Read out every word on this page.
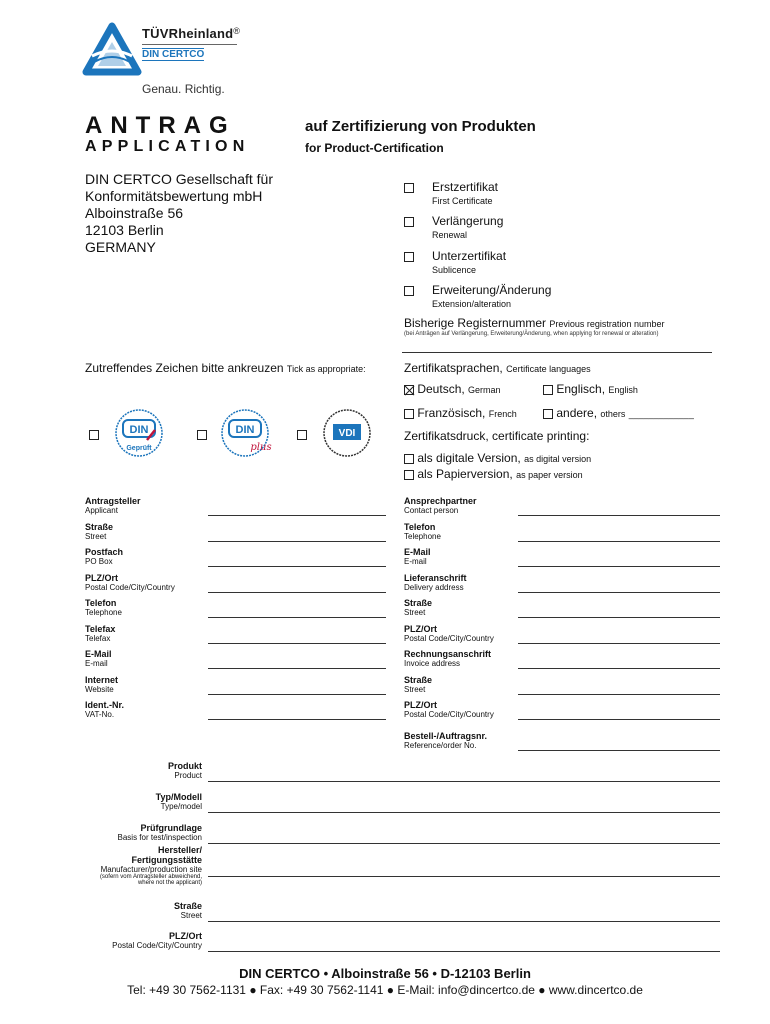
TÜVRheinland®
DIN CERTCO
Genau. Richtig.
ANTRAG
APPLICATION
auf Zertifizierung von Produkten
for Product-Certification
DIN CERTCO Gesellschaft für
Konformitätsbewertung mbH
Alboinstraße 56
12103 Berlin
GERMANY
Erstzertifikat
First Certificate
Verlängerung
Renewal
Unterzertifikat
Sublicence
Erweiterung/Änderung
Extension/alteration
Bisherige Registernummer Previous registration number
(bei Anträgen auf Verlängerung, Erweiterung/Änderung, when applying for renewal or alteration)
Zutreffendes Zeichen bitte ankreuzen Tick as appropriate:	Zertifikatsprachen, Certificate languages
Deutsch, German	Englisch, English
Französisch, French	andere, others _____________
Zertifikatsdruck, certificate printing:
als digitale Version, as digital version
als Papierversion, as paper version
DIN
Geprüft
DIN
plus
VDI
Antragsteller
Applicant
Straße
Street
Postfach
PO Box
PLZ/Ort
Postal Code/City/Country
Telefon
Telephone
Telefax
Telefax
E-Mail
E-mail
Internet
Website
Ident.-Nr.
VAT-No.
Ansprechpartner
Contact person
Telefon
Telephone
E-Mail
E-mail
Lieferanschrift
Delivery address
Straße
Street
PLZ/Ort
Postal Code/City/Country
Rechnungsanschrift
Invoice address
Straße
Street
PLZ/Ort
Postal Code/City/Country
Bestell-/Auftragsnr.
Reference/order No.
Produkt
Product
Typ/Modell
Type/model
Prüfgrundlage
Basis for test/inspection
Hersteller/
Fertigungsstätte
Manufacturer/production site
(sofern vom Antragsteller abweichend,
where not the applicant)
Straße
Street
PLZ/Ort
Postal Code/City/Country
DIN CERTCO • Alboinstraße 56 • D-12103 Berlin
Tel: +49 30 7562-1131 ● Fax: +49 30 7562-1141 ● E-Mail: info@dincertco.de ● www.dincertco.de
